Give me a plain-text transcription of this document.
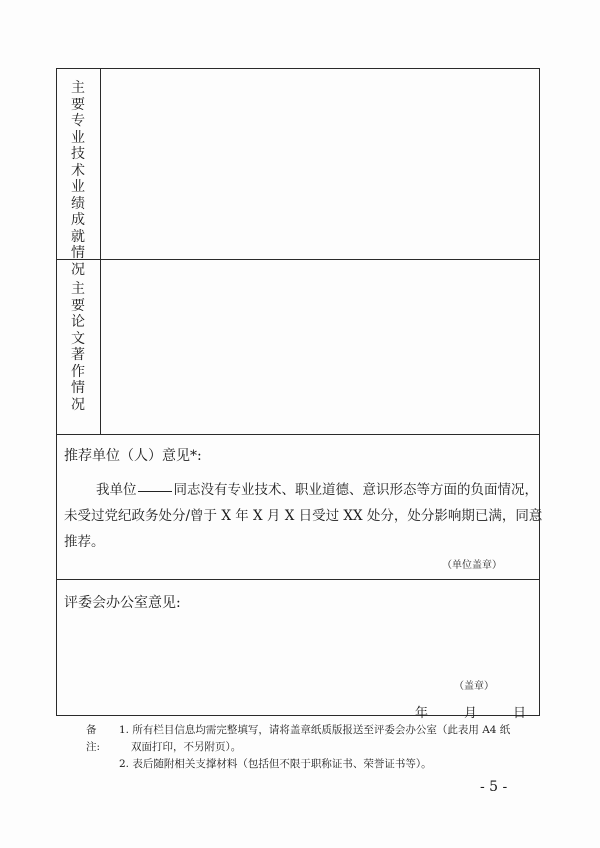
主要专业技术业绩成就情况
主要论文著作情况
推荐单位（人）意见*:
我单位	同志没有专业技术、职业道德、意识形态等方面的负面情况，
未受过党纪政务处分/曾于 X 年 X 月 X 日受过 XX 处分，处分影响期已满，同意
推荐。
（单位盖章）
评委会办公室意见:
（盖章）
年	月	日
备注:
1. 所有栏目信息均需完整填写，请将盖章纸质版报送至评委会办公室（此表用 A4 纸
双面打印，不另附页）。
2. 表后随附相关支撑材料（包括但不限于职称证书、荣誉证书等）。
- 5 -
